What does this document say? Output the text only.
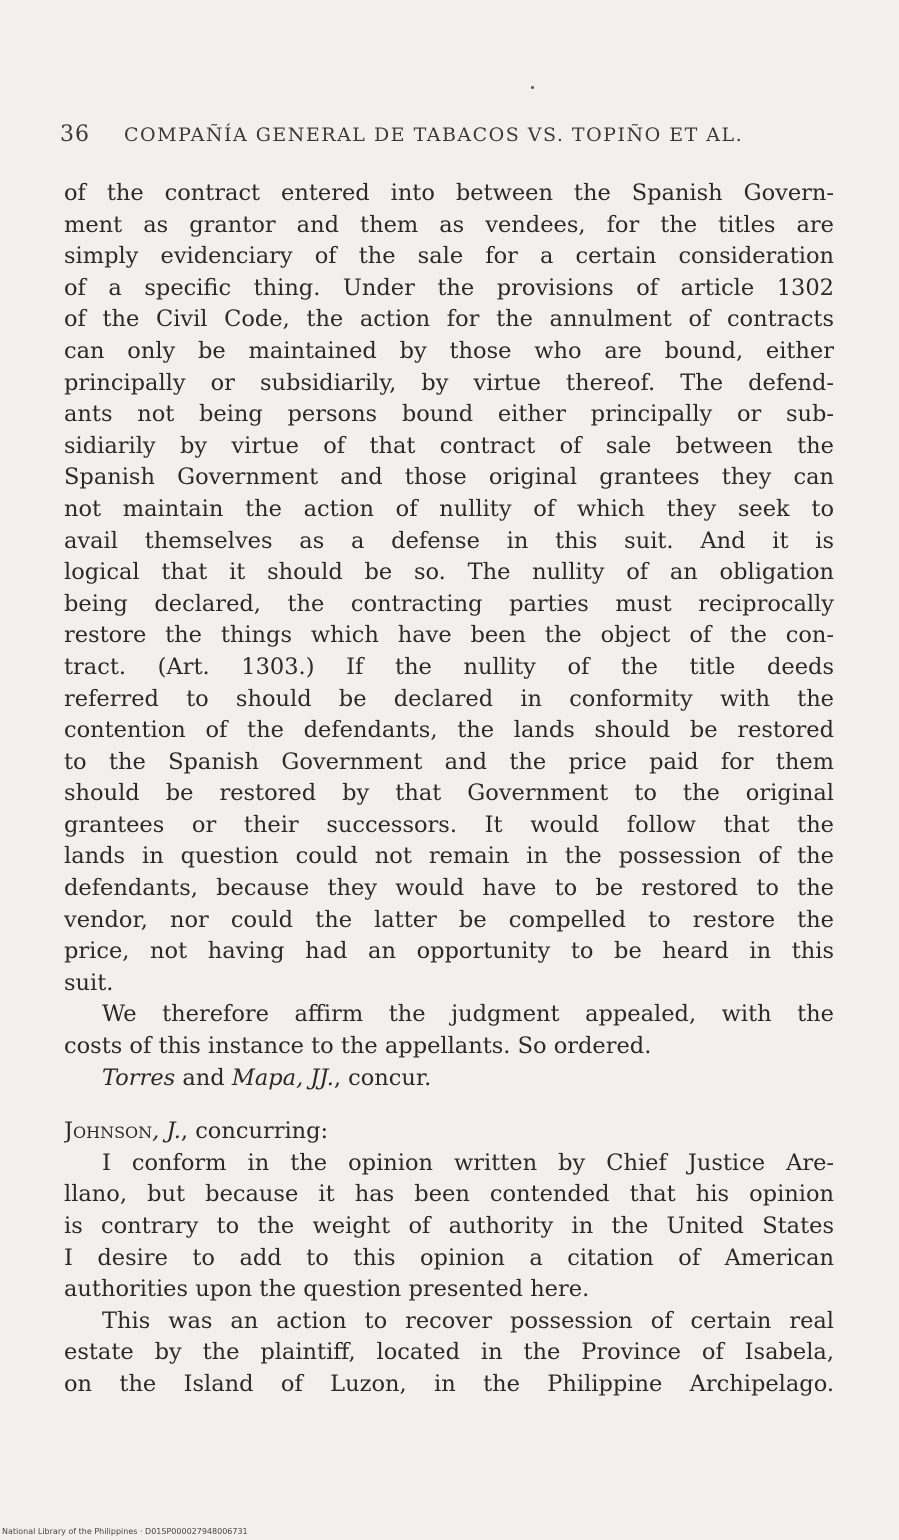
36 COMPAÑÍA GENERAL DE TABACOS VS. TOPIÑO ET AL.
of the contract entered into between the Spanish Govern-
ment as grantor and them as vendees, for the titles are
simply evidenciary of the sale for a certain consideration
of a specific thing. Under the provisions of article 1302
of the Civil Code, the action for the annulment of contracts
can only be maintained by those who are bound, either
principally or subsidiarily, by virtue thereof. The defend-
ants not being persons bound either principally or sub-
sidiarily by virtue of that contract of sale between the
Spanish Government and those original grantees they can
not maintain the action of nullity of which they seek to
avail themselves as a defense in this suit. And it is
logical that it should be so. The nullity of an obligation
being declared, the contracting parties must reciprocally
restore the things which have been the object of the con-
tract. (Art. 1303.) If the nullity of the title deeds
referred to should be declared in conformity with the
contention of the defendants, the lands should be restored
to the Spanish Government and the price paid for them
should be restored by that Government to the original
grantees or their successors. It would follow that the
lands in question could not remain in the possession of the
defendants, because they would have to be restored to the
vendor, nor could the latter be compelled to restore the
price, not having had an opportunity to be heard in this
suit.
We therefore affirm the judgment appealed, with the
costs of this instance to the appellants. So ordered.
Torres and Mapa, JJ., concur.
Johnson, J., concurring:
I conform in the opinion written by Chief Justice Are-
llano, but because it has been contended that his opinion
is contrary to the weight of authority in the United States
I desire to add to this opinion a citation of American
authorities upon the question presented here.
This was an action to recover possession of certain real
estate by the plaintiff, located in the Province of Isabela,
on the Island of Luzon, in the Philippine Archipelago.
National Library of the Philippines · D01SP000027948006731
